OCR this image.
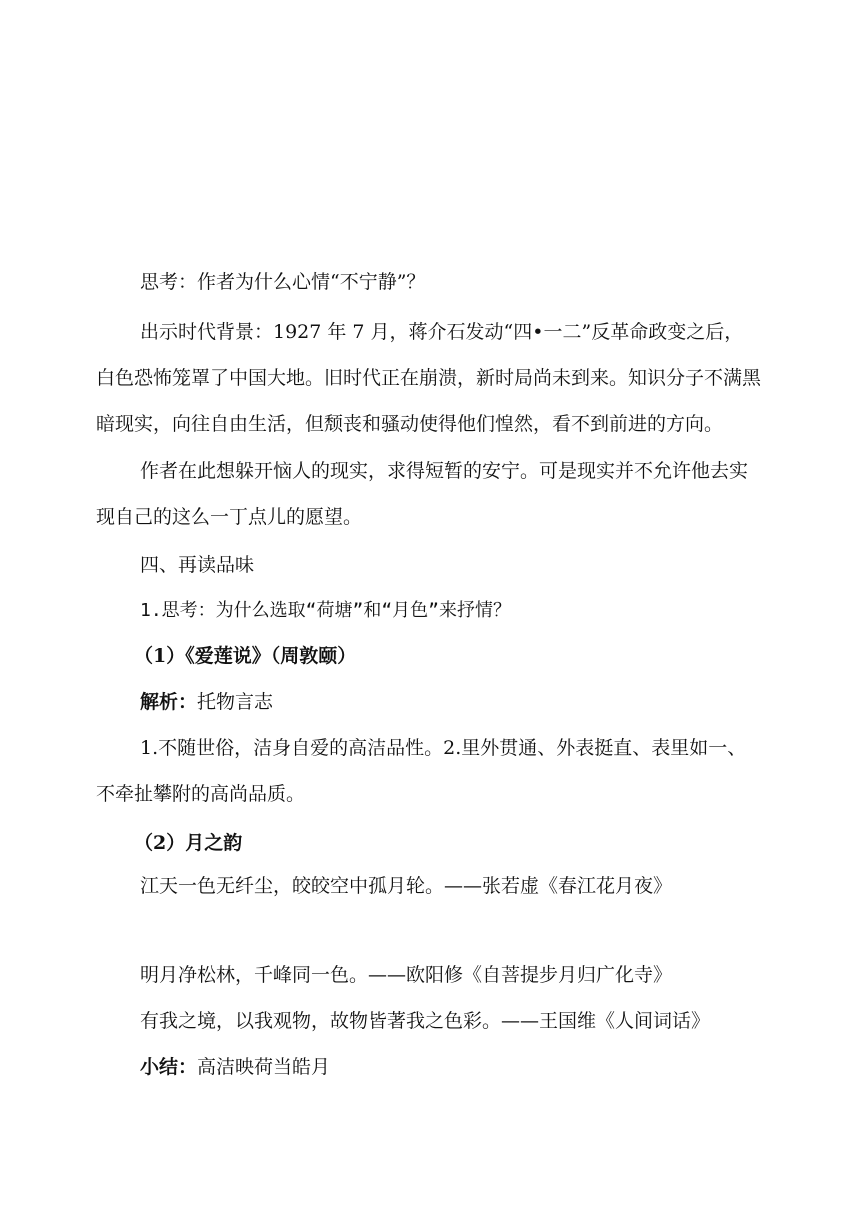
思考：作者为什么心情“不宁静”？
出示时代背景：1927 年 7 月，蒋介石发动“四•一二”反革命政变之后，
白色恐怖笼罩了中国大地。旧时代正在崩溃，新时局尚未到来。知识分子不满黑
暗现实，向往自由生活，但颓丧和骚动使得他们惶然，看不到前进的方向。
作者在此想躲开恼人的现实，求得短暂的安宁。可是现实并不允许他去实
现自己的这么一丁点儿的愿望。
四、再读品味
1.思考：为什么选取“荷塘”和“月色”来抒情？
（1）《爱莲说》（周敦颐）
解析：托物言志
1.不随世俗，洁身自爱的高洁品性。2.里外贯通、外表挺直、表里如一、
不牵扯攀附的高尚品质。
（2）月之韵
江天一色无纤尘，皎皎空中孤月轮。——张若虚《春江花月夜》
明月净松林，千峰同一色。——欧阳修《自菩提步月归广化寺》
有我之境，以我观物，故物皆著我之色彩。——王国维《人间词话》
小结：高洁映荷当皓月
